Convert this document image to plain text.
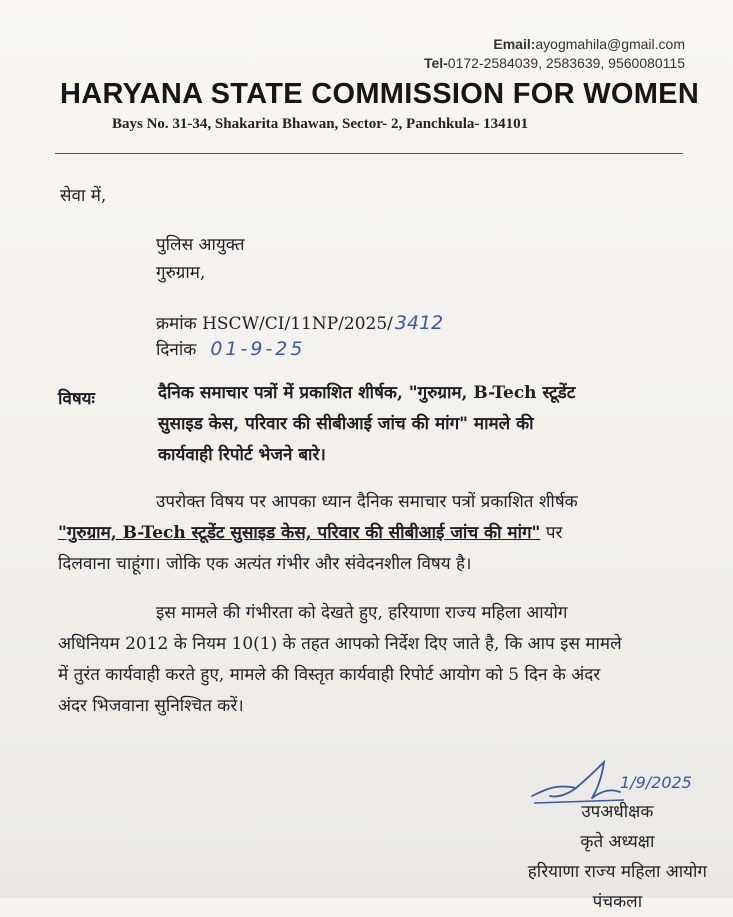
Email:ayogmahila@gmail.com
Tel-0172-2584039, 2583639, 9560080115
HARYANA STATE COMMISSION FOR WOMEN
Bays No. 31-34, Shakarita Bhawan, Sector- 2, Panchkula- 134101
सेवा में,
पुलिस आयुक्त
गुरुग्राम,
क्रमांक HSCW/CI/11NP/2025/ 3412
दिनांक 01-9-25
विषयः	दैनिक समाचार पत्रों में प्रकाशित शीर्षक, "गुरुग्राम, B-Tech स्टूडेंट
सुसाइड केस, परिवार की सीबीआई जांच की मांग" मामले की
कार्यवाही रिपोर्ट भेजने बारे।
उपरोक्त विषय पर आपका ध्यान दैनिक समाचार पत्रों प्रकाशित शीर्षक
"गुरुग्राम, B-Tech स्टूडेंट सुसाइड केस, परिवार की सीबीआई जांच की मांग" पर
दिलवाना चाहूंगा। जोकि एक अत्यंत गंभीर और संवेदनशील विषय है।
इस मामले की गंभीरता को देखते हुए, हरियाणा राज्य महिला आयोग
अधिनियम 2012 के नियम 10(1) के तहत आपको निर्देश दिए जाते है, कि आप इस मामले
में तुरंत कार्यवाही करते हुए, मामले की विस्तृत कार्यवाही रिपोर्ट आयोग को 5 दिन के अंदर
अंदर भिजवाना सुनिश्चित करें।
1/9/2025
उपअधीक्षक
कृते अध्यक्षा
हरियाणा राज्य महिला आयोग
पंचकला
